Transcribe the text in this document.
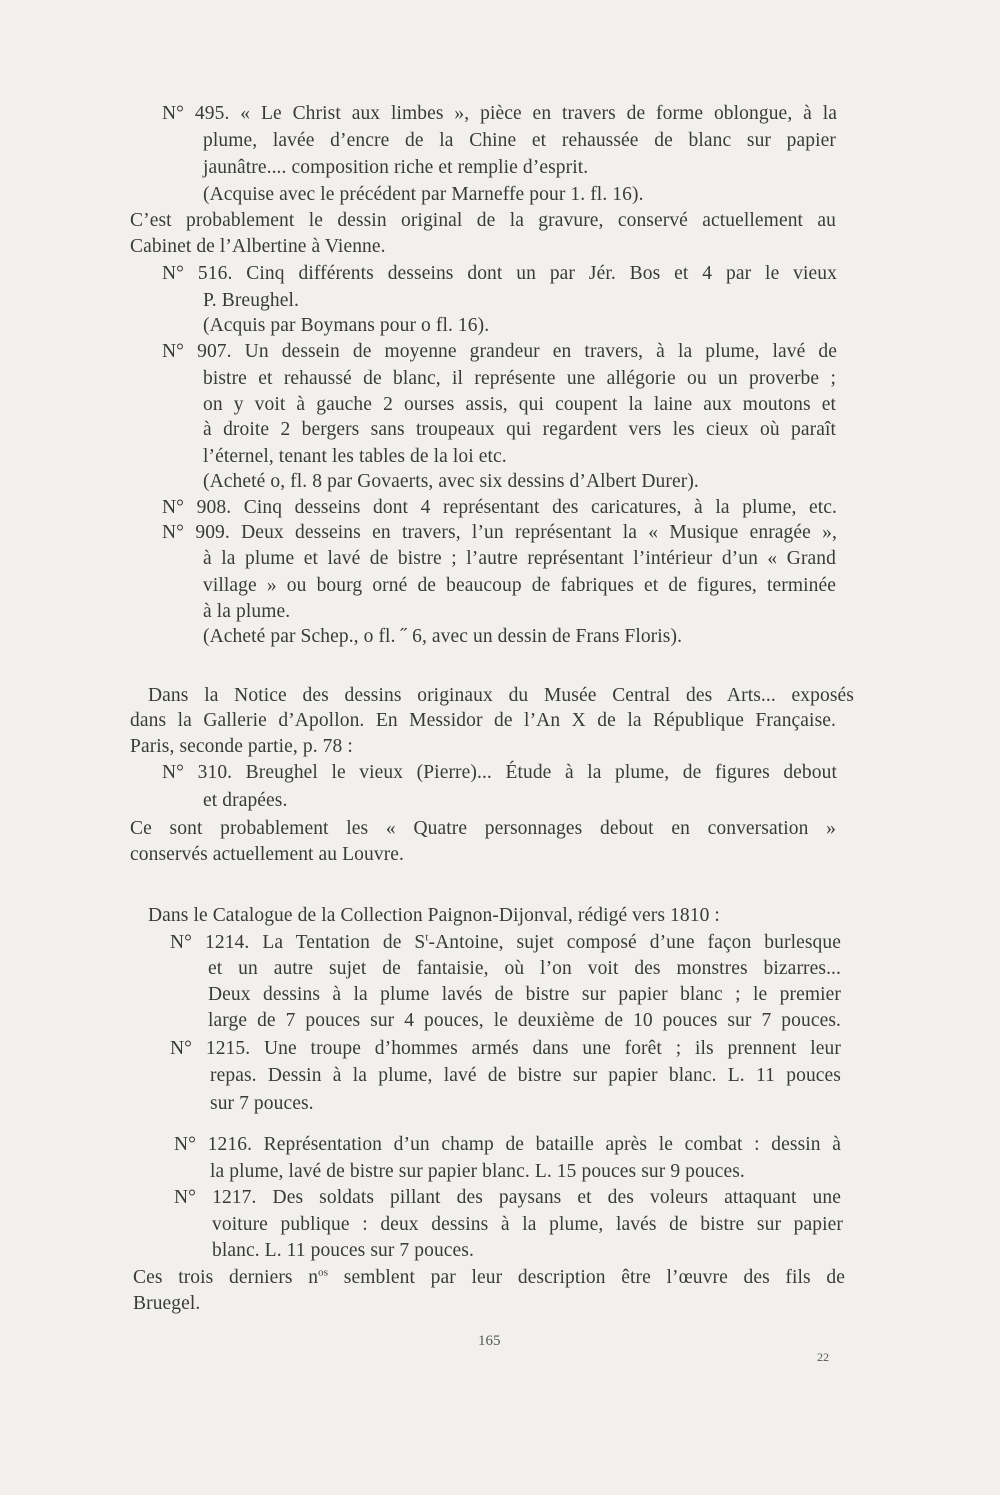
N° 495. « Le Christ aux limbes », pièce en travers de forme oblongue, à la
plume, lavée d’encre de la Chine et rehaussée de blanc sur papier
jaunâtre.... composition riche et remplie d’esprit.
(Acquise avec le précédent par Marneffe pour 1. fl. 16).
C’est probablement le dessin original de la gravure, conservé actuellement au
Cabinet de l’Albertine à Vienne.
N° 516. Cinq différents desseins dont un par Jér. Bos et 4 par le vieux
P. Breughel.
(Acquis par Boymans pour o fl. 16).
N° 907. Un dessein de moyenne grandeur en travers, à la plume, lavé de
bistre et rehaussé de blanc, il représente une allégorie ou un proverbe ;
on y voit à gauche 2 ourses assis, qui coupent la laine aux moutons et
à droite 2 bergers sans troupeaux qui regardent vers les cieux où paraît
l’éternel, tenant les tables de la loi etc.
(Acheté o, fl. 8 par Govaerts, avec six dessins d’Albert Durer).
N° 908. Cinq desseins dont 4 représentant des caricatures, à la plume, etc.
N° 909. Deux desseins en travers, l’un représentant la « Musique enragée »,
à la plume et lavé de bistre ; l’autre représentant l’intérieur d’un « Grand
village » ou bourg orné de beaucoup de fabriques et de figures, terminée
à la plume.
(Acheté par Schep., o fl. ˝ 6, avec un dessin de Frans Floris).
Dans la Notice des dessins originaux du Musée Central des Arts... exposés
dans la Gallerie d’Apollon. En Messidor de l’An X de la République Française.
Paris, seconde partie, p. 78 :
N° 310. Breughel le vieux (Pierre)... Étude à la plume, de figures debout
et drapées.
Ce sont probablement les « Quatre personnages debout en conversation »
conservés actuellement au Louvre.
Dans le Catalogue de la Collection Paignon-Dijonval, rédigé vers 1810 :
N° 1214. La Tentation de $S^t$-Antoine, sujet composé d’une façon burlesque
et un autre sujet de fantaisie, où l’on voit des monstres bizarres...
Deux dessins à la plume lavés de bistre sur papier blanc ; le premier
large de 7 pouces sur 4 pouces, le deuxième de 10 pouces sur 7 pouces.
N° 1215. Une troupe d’hommes armés dans une forêt ; ils prennent leur
repas. Dessin à la plume, lavé de bistre sur papier blanc. L. 11 pouces
sur 7 pouces.
N° 1216. Représentation d’un champ de bataille après le combat : dessin à
la plume, lavé de bistre sur papier blanc. L. 15 pouces sur 9 pouces.
N° 1217. Des soldats pillant des paysans et des voleurs attaquant une
voiture publique : deux dessins à la plume, lavés de bistre sur papier
blanc. L. 11 pouces sur 7 pouces.
Ces trois derniers $n^{os}$ semblent par leur description être l’œuvre des fils de
Bruegel.
165
22
